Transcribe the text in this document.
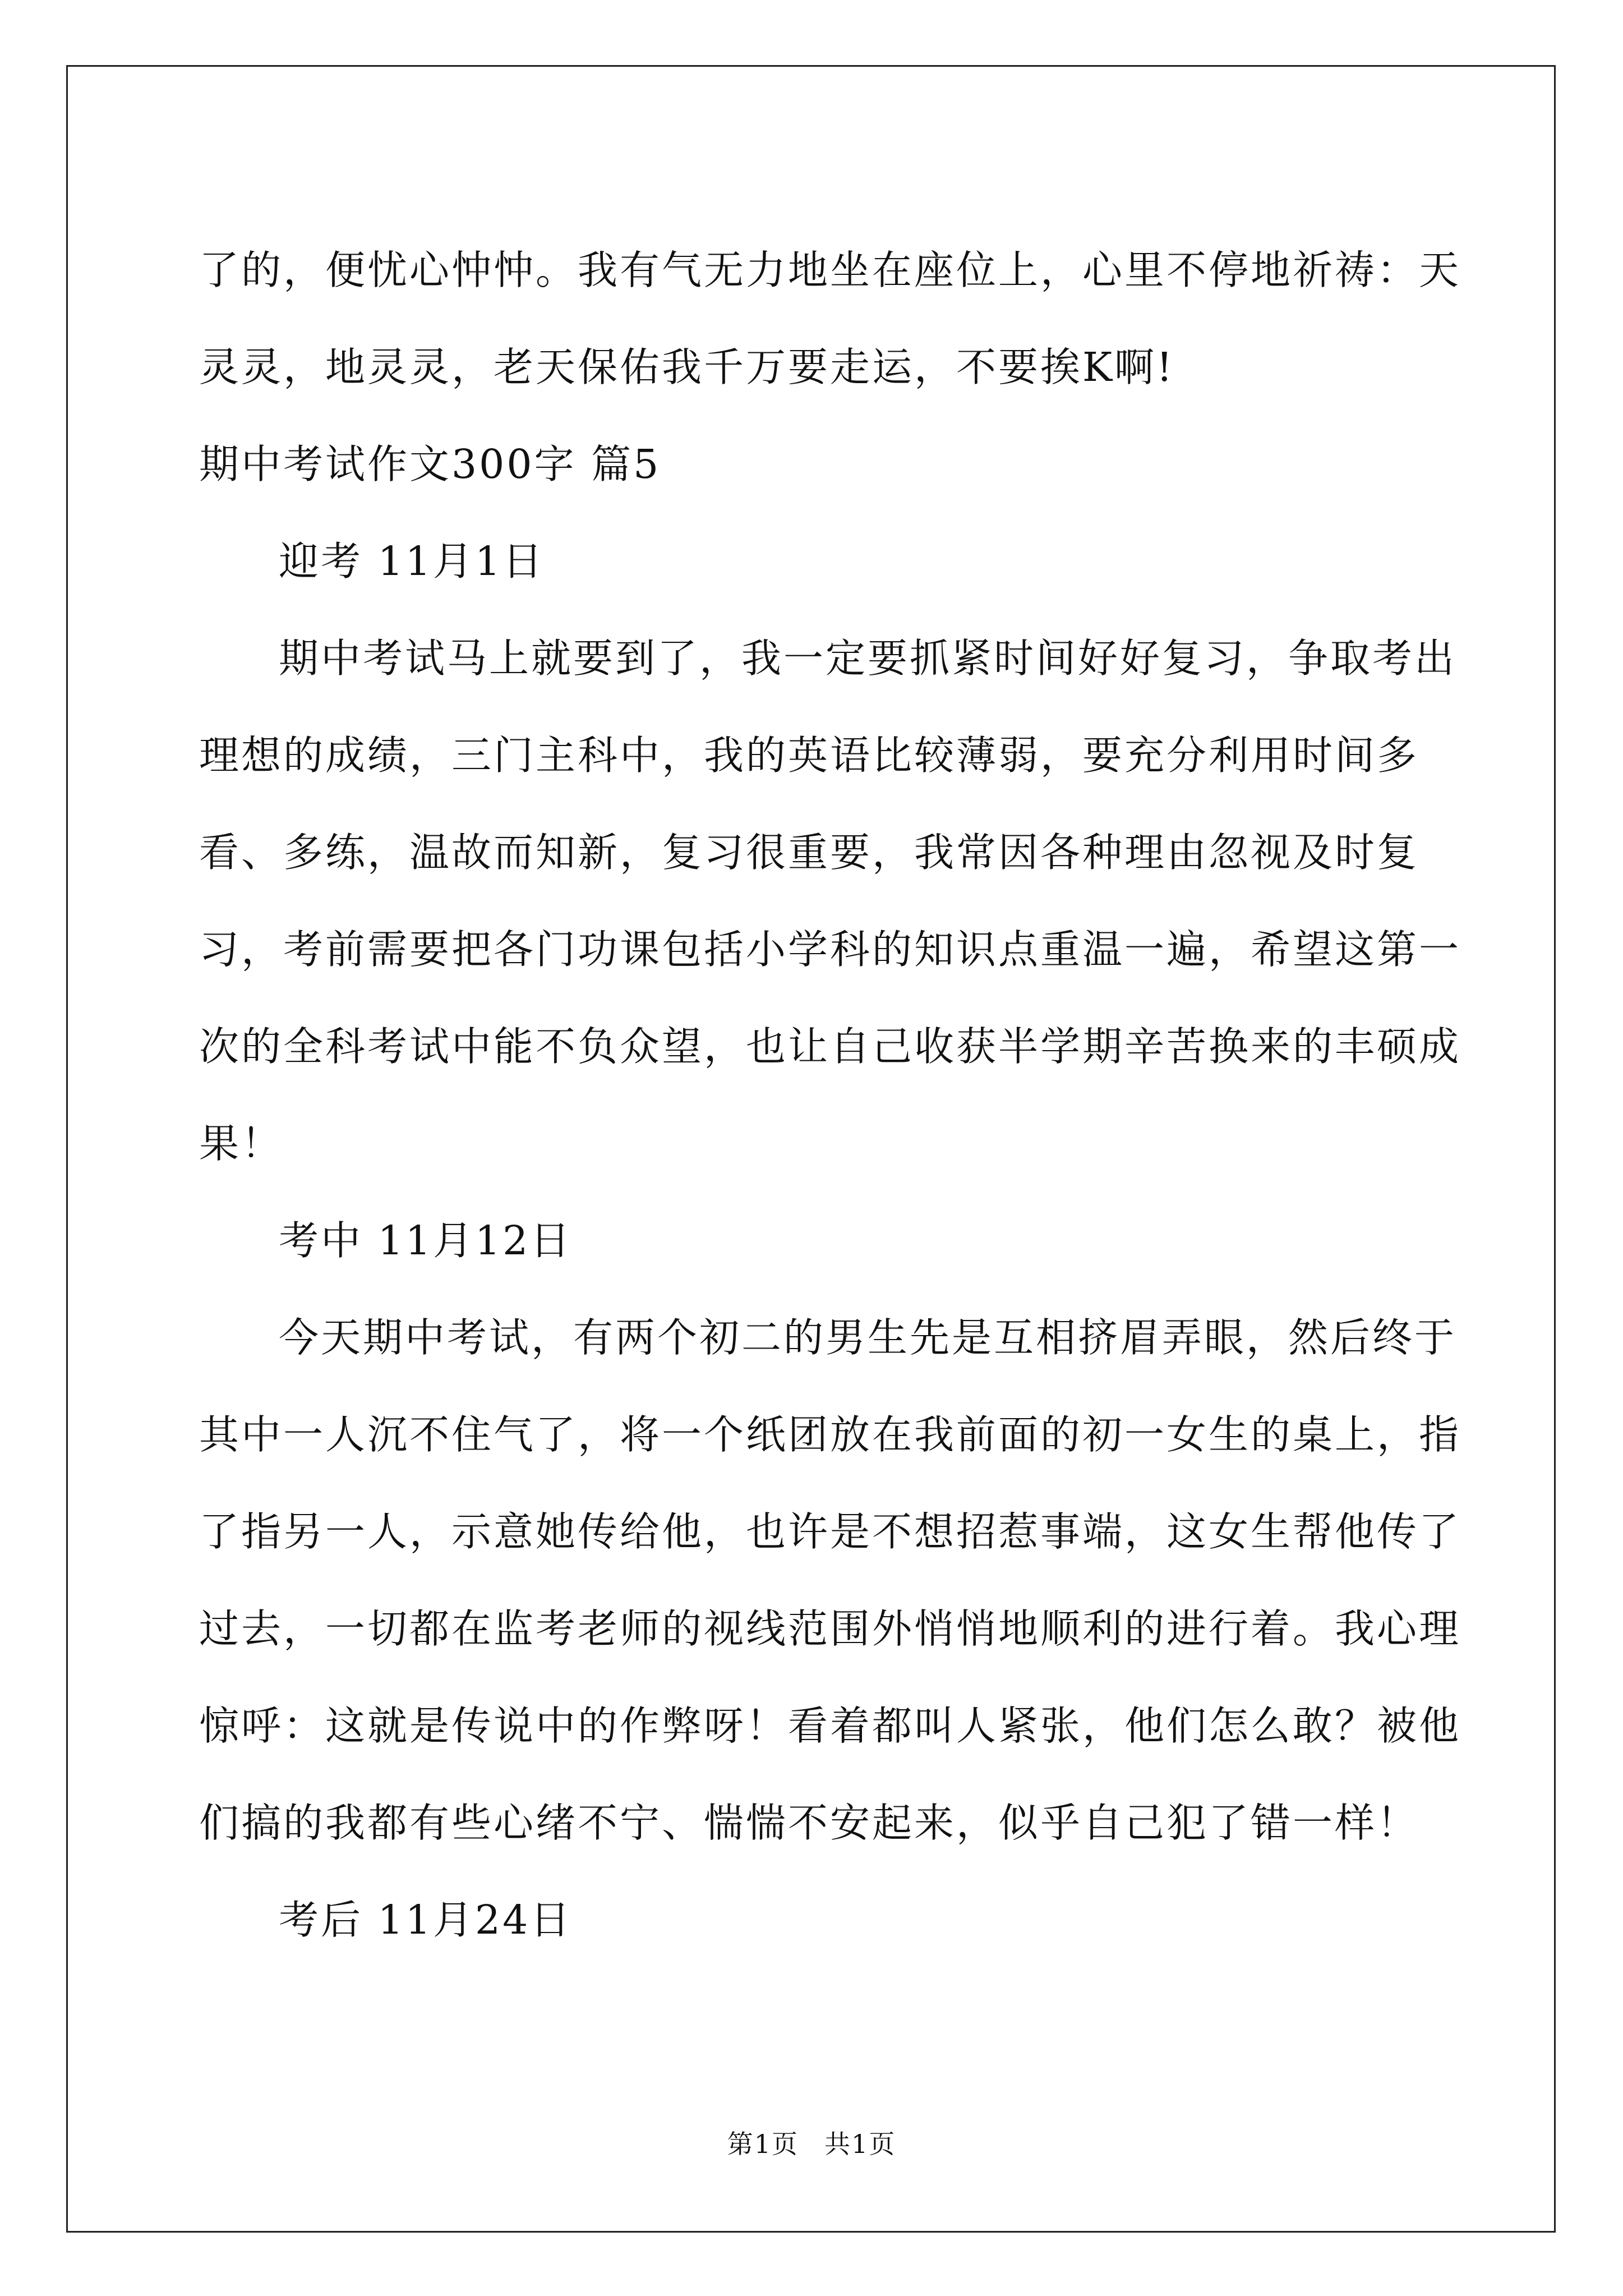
了的，便忧心忡忡。我有气无力地坐在座位上，心里不停地祈祷：天灵灵，地灵灵，老天保佑我千万要走运，不要挨K啊!

期中考试作文300字 篇5

迎考 11月1日

期中考试马上就要到了，我一定要抓紧时间好好复习，争取考出理想的成绩，三门主科中，我的英语比较薄弱，要充分利用时间多看、多练，温故而知新，复习很重要，我常因各种理由忽视及时复习，考前需要把各门功课包括小学科的知识点重温一遍，希望这第一次的全科考试中能不负众望，也让自己收获半学期辛苦换来的丰硕成果！

考中 11月12日

今天期中考试，有两个初二的男生先是互相挤眉弄眼，然后终于其中一人沉不住气了，将一个纸团放在我前面的初一女生的桌上，指了指另一人，示意她传给他，也许是不想招惹事端，这女生帮他传了过去，一切都在监考老师的视线范围外悄悄地顺利的进行着。我心理惊呼：这就是传说中的作弊呀！看着都叫人紧张，他们怎么敢？被他们搞的我都有些心绪不宁、惴惴不安起来，似乎自己犯了错一样！

考后 11月24日

第1页 共1页
